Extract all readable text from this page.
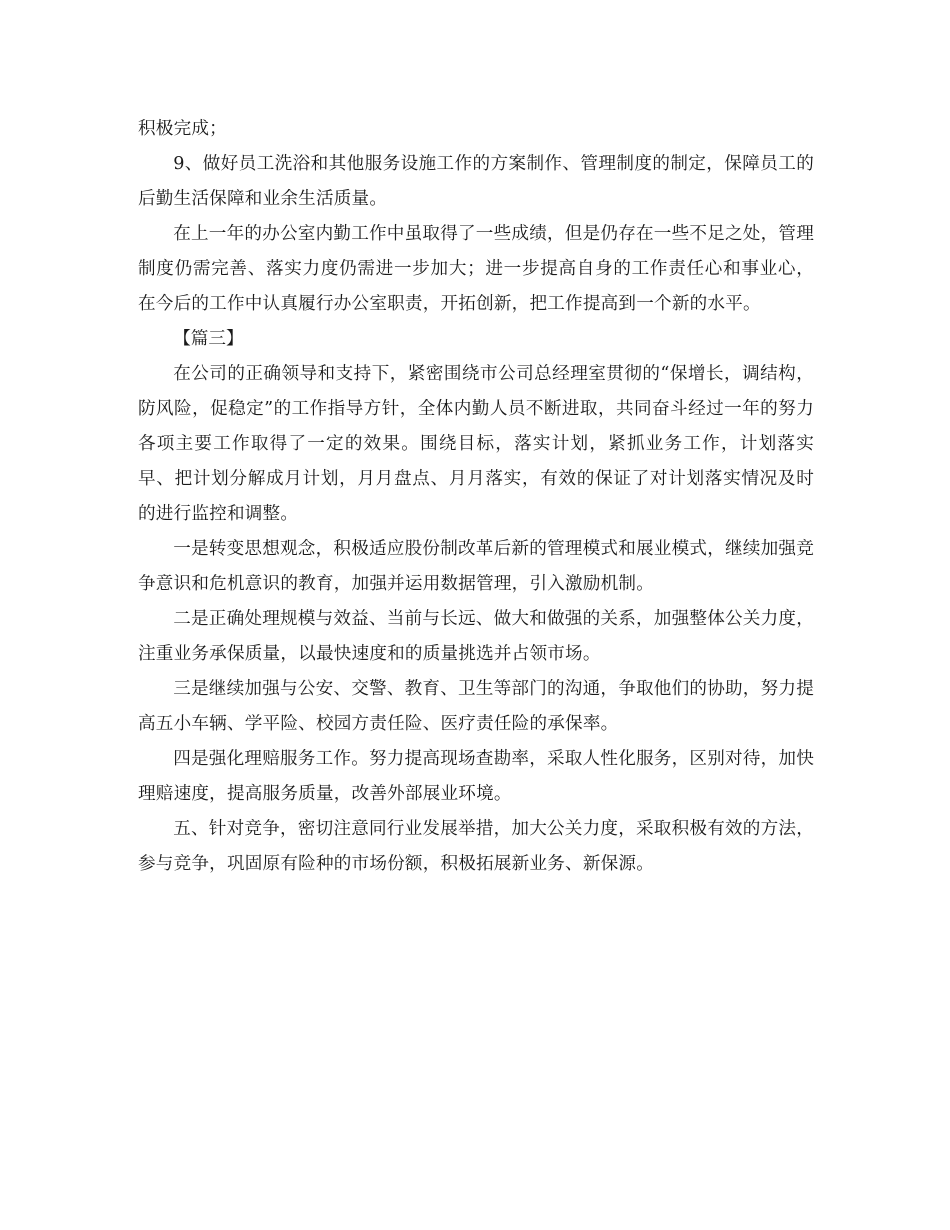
积极完成；

9、做好员工洗浴和其他服务设施工作的方案制作、管理制度的制定，保障员工的后勤生活保障和业余生活质量。

在上一年的办公室内勤工作中虽取得了一些成绩，但是仍存在一些不足之处，管理制度仍需完善、落实力度仍需进一步加大；进一步提高自身的工作责任心和事业心，在今后的工作中认真履行办公室职责，开拓创新，把工作提高到一个新的水平。

【篇三】

在公司的正确领导和支持下，紧密围绕市公司总经理室贯彻的“保增长，调结构，防风险，促稳定”的工作指导方针，全体内勤人员不断进取，共同奋斗经过一年的努力各项主要工作取得了一定的效果。围绕目标，落实计划，紧抓业务工作，计划落实早、把计划分解成月计划，月月盘点、月月落实，有效的保证了对计划落实情况及时的进行监控和调整。

一是转变思想观念，积极适应股份制改革后新的管理模式和展业模式，继续加强竞争意识和危机意识的教育，加强并运用数据管理，引入激励机制。

二是正确处理规模与效益、当前与长远、做大和做强的关系，加强整体公关力度，注重业务承保质量，以最快速度和的质量挑选并占领市场。

三是继续加强与公安、交警、教育、卫生等部门的沟通，争取他们的协助，努力提高五小车辆、学平险、校园方责任险、医疗责任险的承保率。

四是强化理赔服务工作。努力提高现场查勘率，采取人性化服务，区别对待，加快理赔速度，提高服务质量，改善外部展业环境。

五、针对竞争，密切注意同行业发展举措，加大公关力度，采取积极有效的方法，参与竞争，巩固原有险种的市场份额，积极拓展新业务、新保源。
